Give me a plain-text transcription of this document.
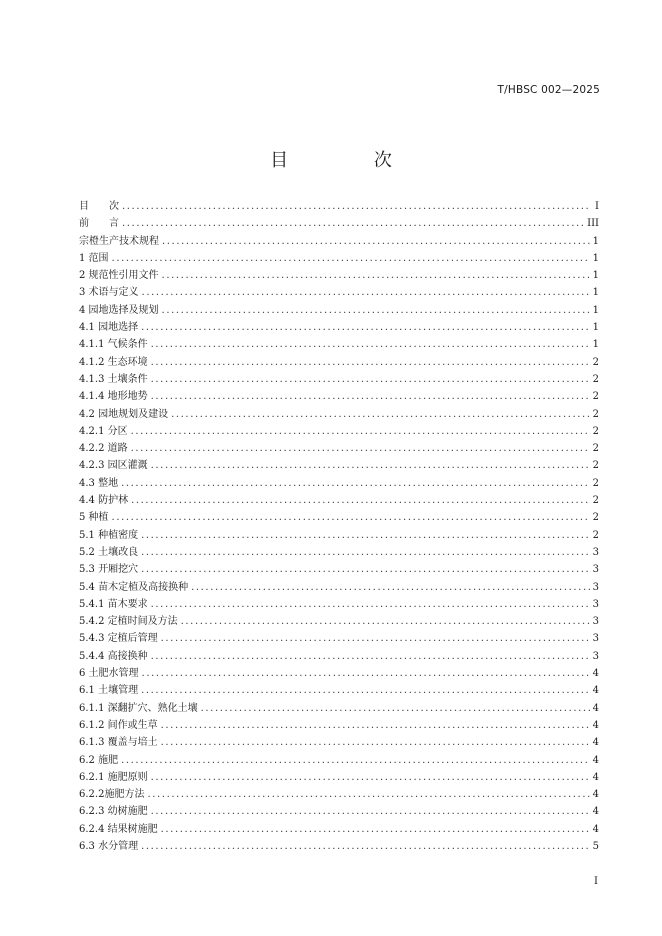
T/HBSC 002—2025
目 次
目　　次 .....	I
前　　言 .....	III
宗橙生产技术规程 .....	1
1 范围 .....	1
2 规范性引用文件 .....	1
3 术语与定义 .....	1
4 园地选择及规划 .....	1
4.1 园地选择 .....	1
4.1.1 气候条件 .....	1
4.1.2 生态环境 .....	2
4.1.3 土壤条件 .....	2
4.1.4 地形地势 .....	2
4.2 园地规划及建设 .....	2
4.2.1 分区 .....	2
4.2.2 道路 .....	2
4.2.3 园区灌溉 .....	2
4.3 整地 .....	2
4.4 防护林 .....	2
5 种植 .....	2
5.1 种植密度 .....	2
5.2 土壤改良 .....	3
5.3 开厢挖穴 .....	3
5.4 苗木定植及高接换种 .....	3
5.4.1 苗木要求 .....	3
5.4.2 定植时间及方法 .....	3
5.4.3 定植后管理 .....	3
5.4.4 高接换种 .....	3
6 土肥水管理 .....	4
6.1 土壤管理 .....	4
6.1.1 深翻扩穴、熟化土壤 .....	4
6.1.2 间作或生草 .....	4
6.1.3 覆盖与培土 .....	4
6.2 施肥 .....	4
6.2.1 施肥原则 .....	4
6.2.2施肥方法 .....	4
6.2.3 幼树施肥 .....	4
6.2.4 结果树施肥 .....	4
6.3 水分管理 .....	5
I
